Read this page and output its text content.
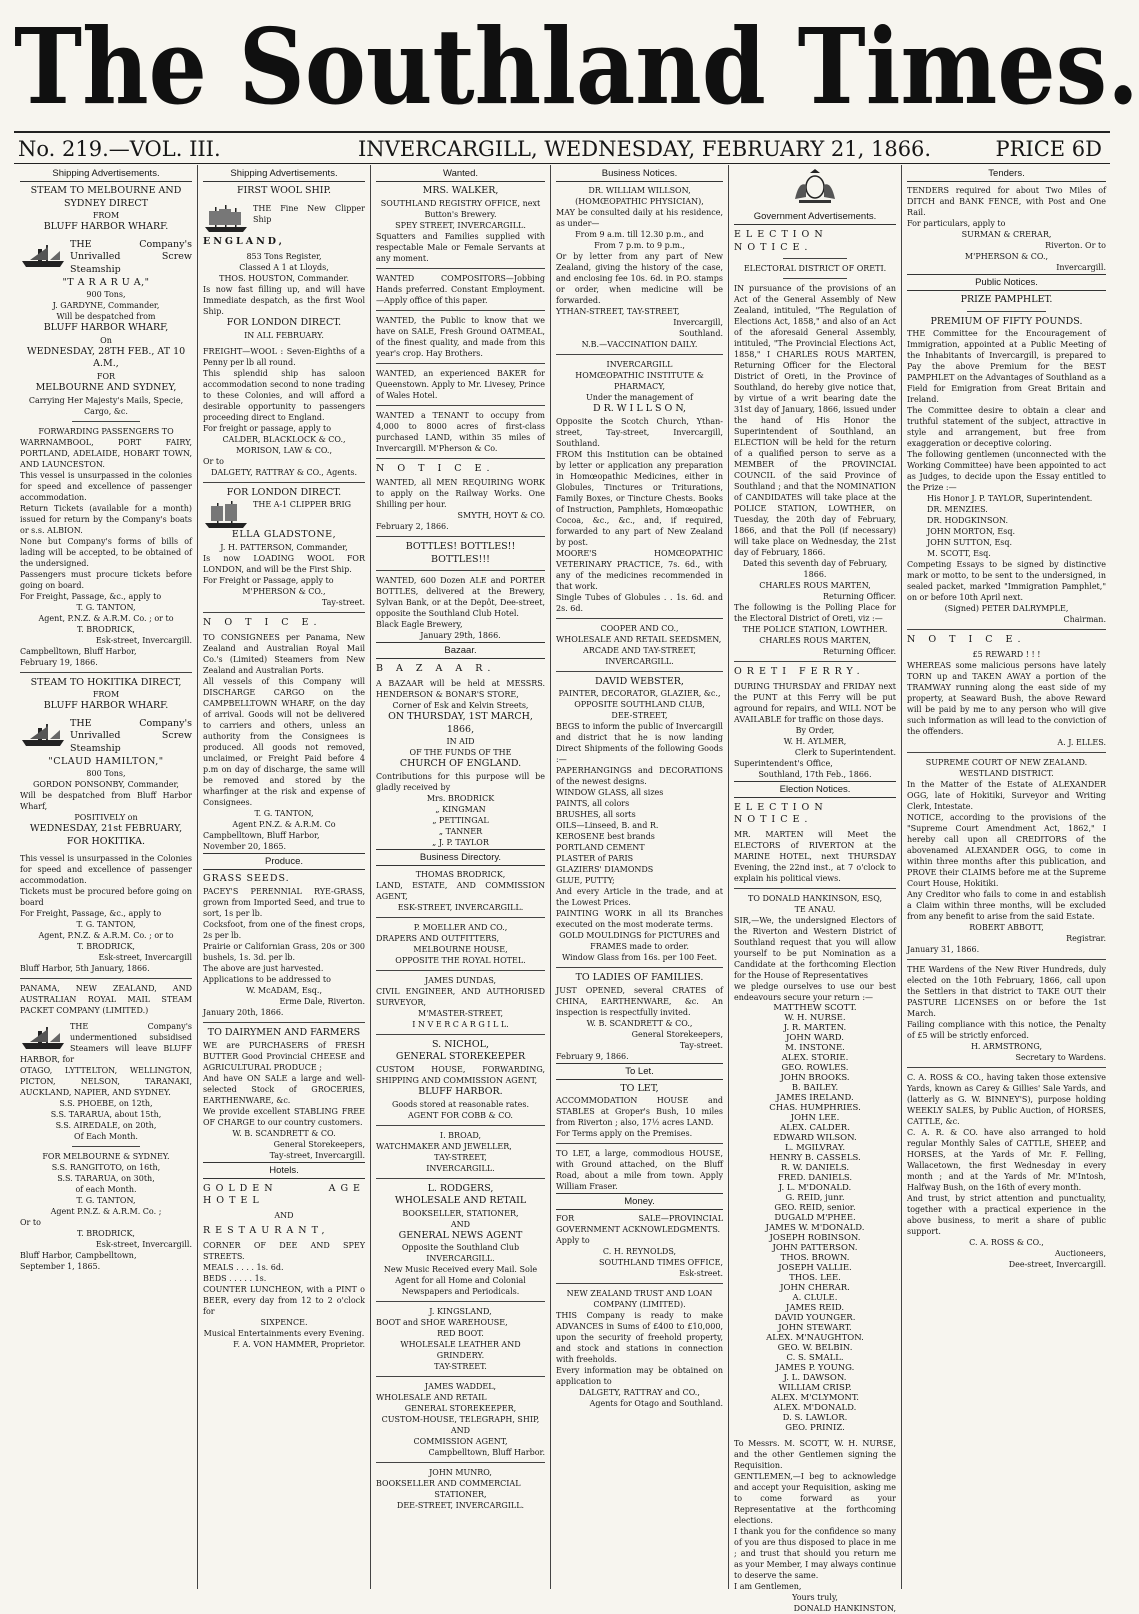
The Southland Times.
No. 219.—VOL. III.	INVERCARGILL, WEDNESDAY, FEBRUARY 21, 1866.	PRICE 6D
Shipping Advertisements.

STEAM TO MELBOURNE AND

SYDNEY DIRECT

FROM

BLUFF HARBOR WHARF.

THE Company's Unrivalled Screw Steamship

"T A R A R U A,"

900 Tons,

J. GARDYNE, Commander,

Will be despatched from

BLUFF HARBOR WHARF,

On

WEDNESDAY, 28TH FEB., AT 10 A.M.,

FOR

MELBOURNE AND SYDNEY,

Carrying Her Majesty's Mails, Specie, Cargo, &c.

FORWARDING PASSENGERS TO

WARRNAMBOOL, PORT FAIRY, PORTLAND, ADELAIDE, HOBART TOWN, AND LAUNCESTON.

This vessel is unsurpassed in the colonies for speed and excellence of passenger accommodation.

Return Tickets (available for a month) issued for return by the Company's boats or s.s. ALBION.

None but Company's forms of bills of lading will be accepted, to be obtained of the undersigned.

Passengers must procure tickets before going on board.

For Freight, Passage, &c., apply to

T. G. TANTON,

Agent, P.N.Z. & A.R.M. Co. ; or to

T. BRODRICK,

Esk-street, Invercargill.

Campbelltown, Bluff Harbor,

February 19, 1866.

STEAM TO HOKITIKA DIRECT,

FROM

BLUFF HARBOR WHARF.

THE Company's Unrivalled Screw Steamship

"CLAUD HAMILTON,"

800 Tons,

GORDON PONSONBY, Commander,

Will be despatched from Bluff Harbor Wharf,

POSITIVELY on

WEDNESDAY, 21st FEBRUARY,

FOR HOKITIKA.

This vessel is unsurpassed in the Colonies for speed and excellence of passenger accommodation.

Tickets must be procured before going on board

For Freight, Passage, &c., apply to

T. G. TANTON,

Agent, P.N.Z. & A.R.M. Co. ; or to

T. BRODRICK,

Esk-street, Invercargill

Bluff Harbor, 5th January, 1866.

PANAMA, NEW ZEALAND, AND AUSTRALIAN ROYAL MAIL STEAM PACKET COMPANY (LIMITED.)

THE Company's undermentioned subsidised Steamers will leave BLUFF HARBOR, for

OTAGO, LYTTELTON, WELLINGTON, PICTON, NELSON, TARANAKI, AUCKLAND, NAPIER, AND SYDNEY.

S.S. PHOEBE, on 12th,

S.S. TARARUA, about 15th,

S.S. AIREDALE, on 20th,

Of Each Month.

FOR MELBOURNE & SYDNEY.

S.S. RANGITOTO, on 16th,

S.S. TARARUA, on 30th,

of each Month.

T. G. TANTON,

Agent P.N.Z. & A.R.M. Co. ;

Or to

T. BRODRICK,

Esk-street, Invercargill.

Bluff Harbor, Campbelltown,

September 1, 1865.

Shipping Advertisements.

FIRST WOOL SHIP.

THE Fine New Clipper Ship

ENGLAND,

853 Tons Register,

Classed A 1 at Lloyds,

THOS. HOUSTON, Commander.

Is now fast filling up, and will have Immediate despatch, as the first Wool Ship.

FOR LONDON DIRECT.

IN ALL FEBRUARY.

FREIGHT—WOOL : Seven-Eighths of a Penny per lb all round.

This splendid ship has saloon accommodation second to none trading to these Colonies, and will afford a desirable opportunity to passengers proceeding direct to England.

For freight or passage, apply to

CALDER, BLACKLOCK & CO.,

MORISON, LAW & CO.,

Or to

DALGETY, RATTRAY & CO., Agents.

FOR LONDON DIRECT.

THE A-1 CLIPPER BRIG

ELLA GLADSTONE,

J. H. PATTERSON, Commander,

Is now LOADING WOOL FOR LONDON, and will be the First Ship.

For Freight or Passage, apply to

M'PHERSON & CO.,

Tay-street.

N O T I C E.

TO CONSIGNEES per Panama, New Zealand and Australian Royal Mail Co.'s (Limited) Steamers from New Zealand and Australian Ports.

All vessels of this Company will DISCHARGE CARGO on the CAMPBELLTOWN WHARF, on the day of arrival. Goods will not be delivered to carriers and others, unless an authority from the Consignees is produced. All goods not removed, unclaimed, or Freight Paid before 4 p.m on day of discharge, the same will be removed and stored by the wharfinger at the risk and expense of Consignees.

T. G. TANTON,

Agent P.N.Z. & A.R.M. Co

Campbelltown, Bluff Harbor,

November 20, 1865.

Produce.

GRASS SEEDS.

PACEY'S PERENNIAL RYE-GRASS, grown from Imported Seed, and true to sort, 1s per lb.

Cocksfoot, from one of the finest crops, 2s per lb.

Prairie or Californian Grass, 20s or 300 bushels, 1s. 3d. per lb.

The above are just harvested.

Applications to be addressed to

W. McADAM, Esq.,

Erme Dale, Riverton.

January 20th, 1866.

TO DAIRYMEN AND FARMERS

WE are PURCHASERS of FRESH BUTTER Good Provincial CHEESE and AGRICULTURAL PRODUCE ;

And have ON SALE a large and well-selected Stock of GROCERIES, EARTHENWARE, &c.

We provide excellent STABLING FREE OF CHARGE to our country customers.

W. B. SCANDRETT & CO.

General Storekeepers,

Tay-street, Invercargill.

Hotels.

GOLDEN AGE HOTEL

AND

RESTAURANT,

CORNER OF DEE AND SPEY STREETS.

MEALS . . . . 1s. 6d.

BEDS . . . . . 1s.

COUNTER LUNCHEON, with a PINT o BEER, every day from 12 to 2 o'clock for

SIXPENCE.

Musical Entertainments every Evening.

F. A. VON HAMMER, Proprietor.

Wanted.

MRS. WALKER,

SOUTHLAND REGISTRY OFFICE, next Button's Brewery.

SPEY STREET, INVERCARGILL.

Squatters and Families supplied with respectable Male or Female Servants at any moment.

WANTED COMPOSITORS—Jobbing Hands preferred. Constant Employment.—Apply office of this paper.

WANTED, the Public to know that we have on SALE, Fresh Ground OATMEAL, of the finest quality, and made from this year's crop. Hay Brothers.

WANTED, an experienced BAKER for Queenstown. Apply to Mr. Livesey, Prince of Wales Hotel.

WANTED a TENANT to occupy from 4,000 to 8000 acres of first-class purchased LAND, within 35 miles of Invercargill. M'Pherson & Co.

N O T I C E.

WANTED, all MEN REQUIRING WORK to apply on the Railway Works. One Shilling per hour.

SMYTH, HOYT & CO.

February 2, 1866.

BOTTLES! BOTTLES!! BOTTLES!!!

WANTED, 600 Dozen ALE and PORTER BOTTLES, delivered at the Brewery, Sylvan Bank, or at the Depôt, Dee-street, opposite the Southland Club Hotel.

Black Eagle Brewery,

January 29th, 1866.

Bazaar.

B A Z A A R.

A BAZAAR will be held at MESSRS. HENDERSON & BONAR'S STORE,

Corner of Esk and Kelvin Streets,

ON THURSDAY, 1ST MARCH, 1866,

IN AID

OF THE FUNDS OF THE

CHURCH OF ENGLAND.

Contributions for this purpose will be gladly received by

Mrs. BRODRICK

„ KINGMAN

„ PETTINGAL

„ TANNER

„ J. P. TAYLOR

Business Directory.

THOMAS BRODRICK,

LAND, ESTATE, AND COMMISSION AGENT,

ESK-STREET, INVERCARGILL.

P. MOELLER AND CO.,

DRAPERS AND OUTFITTERS,

MELBOURNE HOUSE,

OPPOSITE THE ROYAL HOTEL.

JAMES DUNDAS,

CIVIL ENGINEER, AND AUTHORISED SURVEYOR,

M'MASTER-STREET,

I N V E R C A R G I L L.

S. NICHOL,

GENERAL STOREKEEPER

CUSTOM HOUSE, FORWARDING, SHIPPING AND COMMISSION AGENT,

BLUFF HARBOR.

Goods stored at reasonable rates.

AGENT FOR COBB & CO.

I. BROAD,

WATCHMAKER AND JEWELLER,

TAY-STREET,

INVERCARGILL.

L. RODGERS,

WHOLESALE AND RETAIL

BOOKSELLER, STATIONER,

AND

GENERAL NEWS AGENT

Opposite the Southland Club

INVERCARGILL.

New Music Received every Mail. Sole Agent for all Home and Colonial Newspapers and Periodicals.

J. KINGSLAND,

BOOT and SHOE WAREHOUSE,

RED BOOT.

WHOLESALE LEATHER AND GRINDERY.

TAY-STREET.

JAMES WADDEL,

WHOLESALE AND RETAIL

GENERAL STOREKEEPER,

CUSTOM-HOUSE, TELEGRAPH, SHIP,

AND

COMMISSION AGENT,

Campbelltown, Bluff Harbor.

JOHN MUNRO,

BOOKSELLER AND COMMERCIAL

STATIONER,

DEE-STREET, INVERCARGILL.

Business Notices.

DR. WILLIAM WILLSON,

(HOMŒOPATHIC PHYSICIAN),

MAY be consulted daily at his residence, as under—

From 9 a.m. till 12.30 p.m., and

From 7 p.m. to 9 p.m.,

Or by letter from any part of New Zealand, giving the history of the case, and enclosing fee 10s. 6d. in P.O. stamps or order, when medicine will be forwarded.

YTHAN-STREET, TAY-STREET,

Invercargill,

Southland.

N.B.—VACCINATION DAILY.

INVERCARGILL

HOMŒOPATHIC INSTITUTE & PHARMACY,

Under the management of

D R. W I L L S O N,

Opposite the Scotch Church, Ythan-street, Tay-street, Invercargill, Southland.

FROM this Institution can be obtained by letter or application any preparation in Homœopathic Medicines, either in Globules, Tinctures or Triturations, Family Boxes, or Tincture Chests. Books of Instruction, Pamphlets, Homœopathic Cocoa, &c., &c., and, if required, forwarded to any part of New Zealand by post.

MOORE'S HOMŒOPATHIC VETERINARY PRACTICE, 7s. 6d., with any of the medicines recommended in that work.

Single Tubes of Globules . . 1s. 6d. and 2s. 6d.

COOPER AND CO.,

WHOLESALE AND RETAIL SEEDSMEN,

ARCADE AND TAY-STREET,

INVERCARGILL.

DAVID WEBSTER,

PAINTER, DECORATOR, GLAZIER, &c.,

OPPOSITE SOUTHLAND CLUB,

DEE-STREET,

BEGS to inform the public of Invercargill and district that he is now landing Direct Shipments of the following Goods :—

PAPERHANGINGS and DECORATIONS of the newest designs.

WINDOW GLASS, all sizes

PAINTS, all colors

BRUSHES, all sorts

OILS—Linseed, B. and R.

KEROSENE best brands

PORTLAND CEMENT

PLASTER of PARIS

GLAZIERS' DIAMONDS

GLUE, PUTTY;

And every Article in the trade, and at the Lowest Prices.

PAINTING WORK in all its Branches executed on the most moderate terms.

GOLD MOULDINGS for PICTURES and FRAMES made to order.

Window Glass from 16s. per 100 Feet.

TO LADIES OF FAMILIES.

JUST OPENED, several CRATES of CHINA, EARTHENWARE, &c. An inspection is respectfully invited.

W. B. SCANDRETT & CO.,

General Storekeepers,

Tay-street.

February 9, 1866.

To Let.

TO LET,

ACCOMMODATION HOUSE and STABLES at Groper's Bush, 10 miles from Riverton ; also, 17½ acres LAND.

For Terms apply on the Premises.

TO LET, a large, commodious HOUSE, with Ground attached, on the Bluff Road, about a mile from town. Apply William Fraser.

Money.

FOR SALE—PROVINCIAL GOVERNMENT ACKNOWLEDGMENTS.

Apply to

C. H. REYNOLDS,

SOUTHLAND TIMES OFFICE,

Esk-street.

NEW ZEALAND TRUST AND LOAN COMPANY (LIMITED).

THIS Company is ready to make ADVANCES in Sums of £400 to £10,000, upon the security of freehold property, and stock and stations in connection with freeholds.

Every information may be obtained on application to

DALGETY, RATTRAY and CO.,

Agents for Otago and Southland.

Government Advertisements.

ELECTION NOTICE.

ELECTORAL DISTRICT OF ORETI.

IN pursuance of the provisions of an Act of the General Assembly of New Zealand, intituled, "The Regulation of Elections Act, 1858," and also of an Act of the aforesaid General Assembly, intituled, "The Provincial Elections Act, 1858," I CHARLES ROUS MARTEN, Returning Officer for the Electoral District of Oreti, in the Province of Southland, do hereby give notice that, by virtue of a writ bearing date the 31st day of January, 1866, issued under the hand of His Honor the Superintendent of Southland, an ELECTION will be held for the return of a qualified person to serve as a MEMBER of the PROVINCIAL COUNCIL of the said Province of Southland ; and that the NOMINATION of CANDIDATES will take place at the POLICE STATION, LOWTHER, on Tuesday, the 20th day of February, 1866, and that the Poll (if necessary) will take place on Wednesday, the 21st day of February, 1866.

Dated this seventh day of February, 1866.

CHARLES ROUS MARTEN,

Returning Officer.

The following is the Polling Place for the Electoral District of Oreti, viz :—

THE POLICE STATION, LOWTHER.

CHARLES ROUS MARTEN,

Returning Officer.

ORETI FERRY.

DURING THURSDAY and FRIDAY next the PUNT at this Ferry will be put aground for repairs, and WILL NOT be AVAILABLE for traffic on those days.

By Order,

W. H. AYLMER,

Clerk to Superintendent.

Superintendent's Office,

Southland, 17th Feb., 1866.

Election Notices.

ELECTION NOTICE.

MR. MARTEN will Meet the ELECTORS of RIVERTON at the MARINE HOTEL, next THURSDAY Evening, the 22nd inst., at 7 o'clock to explain his political views.

TO DONALD HANKINSON, ESQ,

TE ANAU.

SIR,—We, the undersigned Electors of the Riverton and Western District of Southland request that you will allow yourself to be put Nomination as a Candidate at the forthcoming Election for the House of Representatives

we pledge ourselves to use our best endeavours secure your return :—

MATTHEW SCOTT.

W. H. NURSE.

J. R. MARTEN.

JOHN WARD.

M. INSTONE.

ALEX. STORIE.

GEO. ROWLES.

JOHN BROOKS.

B. BAILEY.

JAMES IRELAND.

CHAS. HUMPHRIES.

JOHN LEE.

ALEX. CALDER.

EDWARD WILSON.

L. MGILVRAY.

HENRY B. CASSELS.

R. W. DANIELS.

FRED. DANIELS.

J. L. M'DONALD.

G. REID, junr.

GEO. REID, senior.

DUGALD M'PHEE.

JAMES W. M'DONALD.

JOSEPH ROBINSON.

JOHN PATTERSON.

THOS. BROWN.

JOSEPH VALLIE.

THOS. LEE.

JOHN CHERAR.

A. CLULE.

JAMES REID.

DAVID YOUNGER.

JOHN STEWART.

ALEX. M'NAUGHTON.

GEO. W. BELBIN.

C. S. SMALL.

JAMES P. YOUNG.

J. L. DAWSON.

WILLIAM CRISP.

ALEX. M'CLYMONT.

ALEX. M'DONALD.

D. S. LAWLOR.

GEO. PRINIZ.

To Messrs. M. SCOTT, W. H. NURSE, and the other Gentlemen signing the Requisition.

GENTLEMEN,—I beg to acknowledge and accept your Requisition, asking me to come forward as your Representative at the forthcoming elections.

I thank you for the confidence so many of you are thus disposed to place in me ; and trust that should you return me as your Member, I may always continue to deserve the same.

I am Gentlemen,

Yours truly,

DONALD HANKINSTON,

Tenders.

TENDERS required for about Two Miles of DITCH and BANK FENCE, with Post and One Rail.

For particulars, apply to

SURMAN & CRERAR,

Riverton. Or to

M'PHERSON & CO.,

Invercargill.

Public Notices.

PRIZE PAMPHLET.

PREMIUM OF FIFTY POUNDS.

THE Committee for the Encouragement of Immigration, appointed at a Public Meeting of the Inhabitants of Invercargill, is prepared to Pay the above Premium for the BEST PAMPHLET on the Advantages of Southland as a Field for Emigration from Great Britain and Ireland.

The Committee desire to obtain a clear and truthful statement of the subject, attractive in style and arrangement, but free from exaggeration or deceptive coloring.

The following gentlemen (unconnected with the Working Committee) have been appointed to act as Judges, to decide upon the Essay entitled to the Prize :—

His Honor J. P. TAYLOR, Superintendent.

DR. MENZIES.

DR. HODGKINSON.

JOHN MORTON, Esq.

JOHN SUTTON, Esq.

M. SCOTT, Esq.

Competing Essays to be signed by distinctive mark or motto, to be sent to the undersigned, in sealed packet, marked "Immigration Pamphlet," on or before 10th April next.

(Signed) PETER DALRYMPLE,

Chairman.

N O T I C E.

£5 REWARD ! ! !

WHEREAS some malicious persons have lately TORN up and TAKEN AWAY a portion of the TRAMWAY running along the east side of my property, at Seaward Bush, the above Reward will be paid by me to any person who will give such information as will lead to the conviction of the offenders.

A. J. ELLES.

SUPREME COURT OF NEW ZEALAND.

WESTLAND DISTRICT.

In the Matter of the Estate of ALEXANDER OGG, late of Hokitiki, Surveyor and Writing Clerk, Intestate.

NOTICE, according to the provisions of the "Supreme Court Amendment Act, 1862," I hereby call upon all CREDITORS of the abovenamed ALEXANDER OGG, to come in within three months after this publication, and PROVE their CLAIMS before me at the Supreme Court House, Hokitiki.

Any Creditor who fails to come in and establish a Claim within three months, will be excluded from any benefit to arise from the said Estate.

ROBERT ABBOTT,

Registrar.

January 31, 1866.

THE Wardens of the New River Hundreds, duly elected on the 10th February, 1866, call upon the Settlers in that district to TAKE OUT their PASTURE LICENSES on or before the 1st March.

Failing compliance with this notice, the Penalty of £5 will be strictly enforced.

H. ARMSTRONG,

Secretary to Wardens.

C. A. ROSS & CO., having taken those extensive Yards, known as Carey & Gillies' Sale Yards, and (latterly as G. W. BINNEY'S), purpose holding WEEKLY SALES, by Public Auction, of HORSES, CATTLE, &c.

C. A. R. & CO. have also arranged to hold regular Monthly Sales of CATTLE, SHEEP, and HORSES, at the Yards of Mr. F. Felling, Wallacetown, the first Wednesday in every month ; and at the Yards of Mr. M'Intosh, Halfway Bush, on the 16th of every month.

And trust, by strict attention and punctuality, together with a practical experience in the above business, to merit a share of public support.

C. A. ROSS & CO.,

Auctioneers,

Dee-street, Invercargill.
